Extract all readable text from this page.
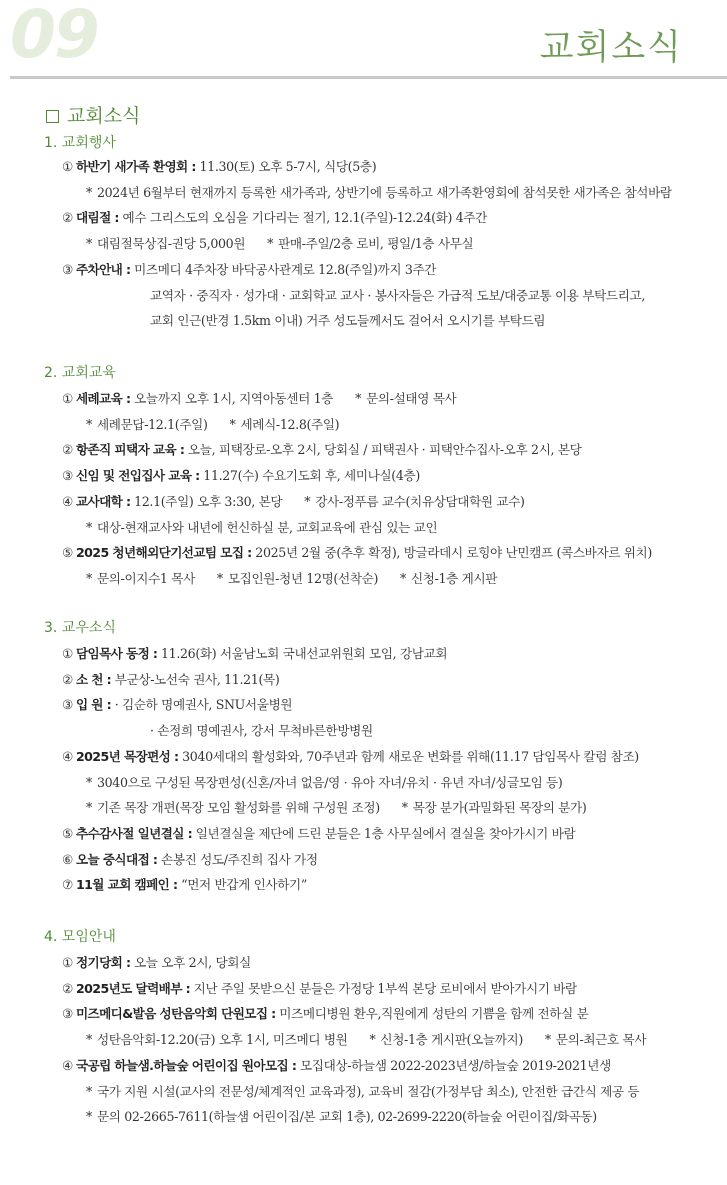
09	교회소식
교회소식
1. 교회행사
① 하반기 새가족 환영회 : 11.30(토) 오후 5-7시, 식당(5층)
* 2024년 6월부터 현재까지 등록한 새가족과, 상반기에 등록하고 새가족환영회에 참석못한 새가족은 참석바람
② 대림절 : 예수 그리스도의 오심을 기다리는 절기, 12.1(주일)-12.24(화) 4주간
* 대림절묵상집-권당 5,000원 * 판매-주일/2층 로비, 평일/1층 사무실
③ 주차안내 : 미즈메디 4주차장 바닥공사관계로 12.8(주일)까지 3주간
교역자 · 중직자 · 성가대 · 교회학교 교사 · 봉사자들은 가급적 도보/대중교통 이용 부탁드리고,
교회 인근(반경 1.5km 이내) 거주 성도들께서도 걸어서 오시기를 부탁드림
2. 교회교육
① 세례교육 : 오늘까지 오후 1시, 지역아동센터 1층 * 문의-설태영 목사
* 세례문답-12.1(주일) * 세례식-12.8(주일)
② 항존직 피택자 교육 : 오늘, 피택장로-오후 2시, 당회실 / 피택권사 · 피택안수집사-오후 2시, 본당
③ 신임 및 전입집사 교육 : 11.27(수) 수요기도회 후, 세미나실(4층)
④ 교사대학 : 12.1(주일) 오후 3:30, 본당 * 강사-정푸름 교수(치유상담대학원 교수)
* 대상-현재교사와 내년에 헌신하실 분, 교회교육에 관심 있는 교인
⑤ 2025 청년해외단기선교팀 모집 : 2025년 2월 중(추후 확정), 방글라데시 로힝야 난민캠프 (콕스바자르 위치)
* 문의-이지수1 목사 * 모집인원-청년 12명(선착순) * 신청-1층 게시판
3. 교우소식
① 담임목사 동정 : 11.26(화) 서울남노회 국내선교위원회 모임, 강남교회
② 소 천 : 부군상-노선숙 권사, 11.21(목)
③ 입 원 : · 김순하 명예권사, SNU서울병원
· 손정희 명예권사, 강서 무척바른한방병원
④ 2025년 목장편성 : 3040세대의 활성화와, 70주년과 함께 새로운 변화를 위해(11.17 담임목사 칼럼 참조)
* 3040으로 구성된 목장편성(신혼/자녀 없음/영 · 유아 자녀/유치 · 유년 자녀/싱글모임 등)
* 기존 목장 개편(목장 모임 활성화를 위해 구성원 조정) * 목장 분가(과밀화된 목장의 분가)
⑤ 추수감사절 일년결실 : 일년결실을 제단에 드린 분들은 1층 사무실에서 결실을 찾아가시기 바람
⑥ 오늘 중식대접 : 손봉진 성도/주진희 집사 가정
⑦ 11월 교회 캠페인 : “먼저 반갑게 인사하기”
4. 모임안내
① 정기당회 : 오늘 오후 2시, 당회실
② 2025년도 달력배부 : 지난 주일 못받으신 분들은 가정당 1부씩 본당 로비에서 받아가시기 바람
③ 미즈메디&발음 성탄음악회 단원모집 : 미즈메디병원 환우,직원에게 성탄의 기쁨을 함께 전하실 분
* 성탄음악회-12.20(금) 오후 1시, 미즈메디 병원 * 신청-1층 게시판(오늘까지) * 문의-최근호 목사
④ 국공립 하늘샘.하늘숲 어린이집 원아모집 : 모집대상-하늘샘 2022-2023년생/하늘숲 2019-2021년생
* 국가 지원 시설(교사의 전문성/체계적인 교육과정), 교육비 절감(가정부담 최소), 안전한 급간식 제공 등
* 문의 02-2665-7611(하늘샘 어린이집/본 교회 1층), 02-2699-2220(하늘숲 어린이집/화곡동)
